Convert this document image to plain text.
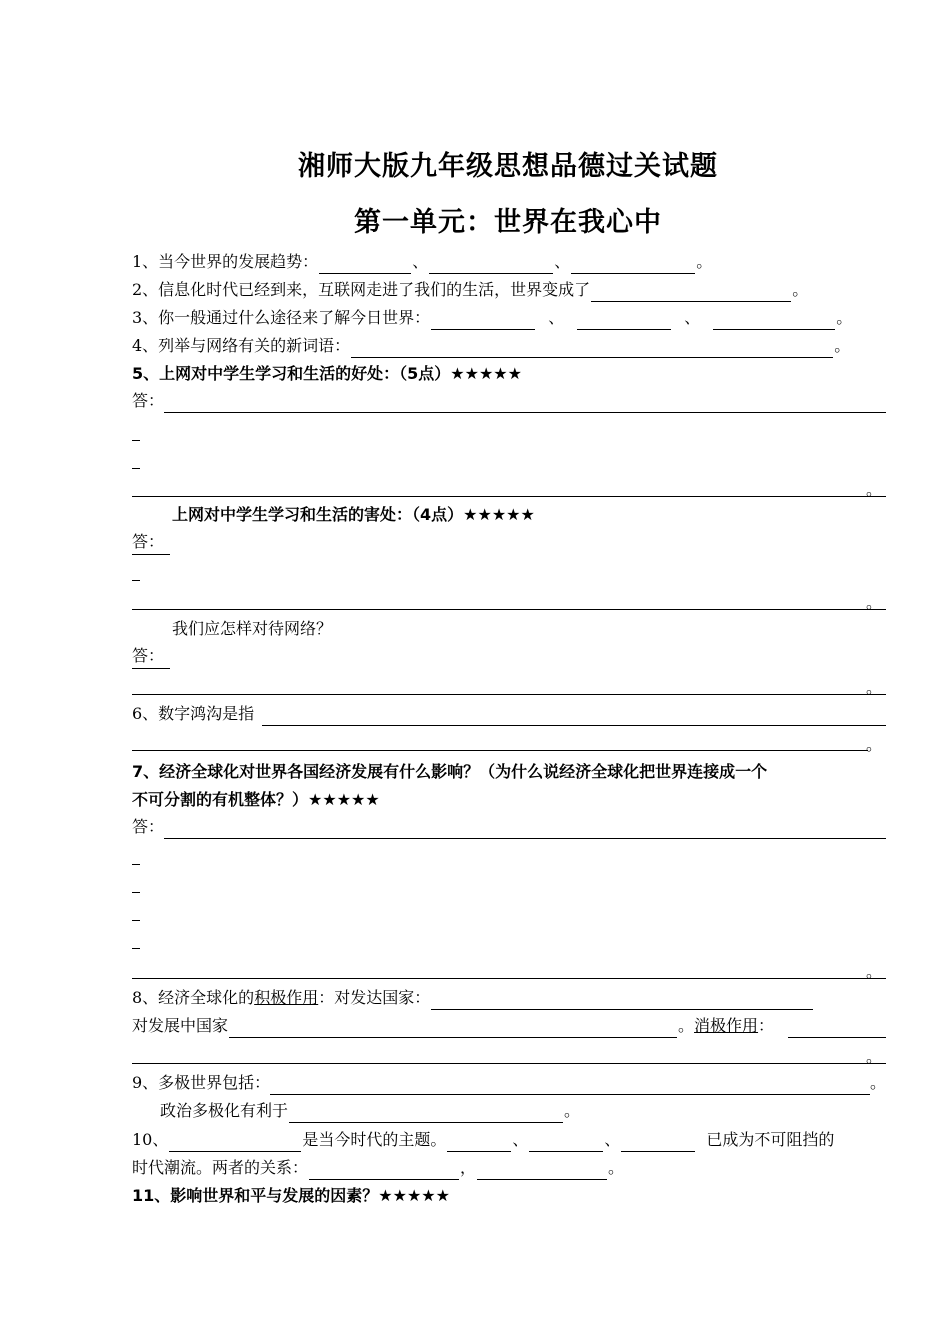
湘师大版九年级思想品德过关试题
第一单元：世界在我心中
1、当今世界的发展趋势：	、	、	。
2、信息化时代已经到来，互联网走进了我们的生活，世界变成了	。
3、你一般通过什么途径来了解今日世界：	、	、	。
4、列举与网络有关的新词语：	。
5、上网对中学生学习和生活的好处：（5点）★★★★★
答：
。
上网对中学生学习和生活的害处：（4点）★★★★★
答：
。
我们应怎样对待网络？
答：
。
6、数字鸿沟是指
。
7、经济全球化对世界各国经济发展有什么影响？（为什么说经济全球化把世界连接成一个
不可分割的有机整体？）★★★★★
答：
。
8、经济全球化的 积极作用 ：对发达国家：
对发展中国家	。 消极作用 ：
。
9、多极世界包括：	。
政治多极化有利于	。
10、	是当今时代的主题。	、	、	已成为不可阻挡的
时代潮流。两者的关系：	，	。
11、影响世界和平与发展的因素？★★★★★
